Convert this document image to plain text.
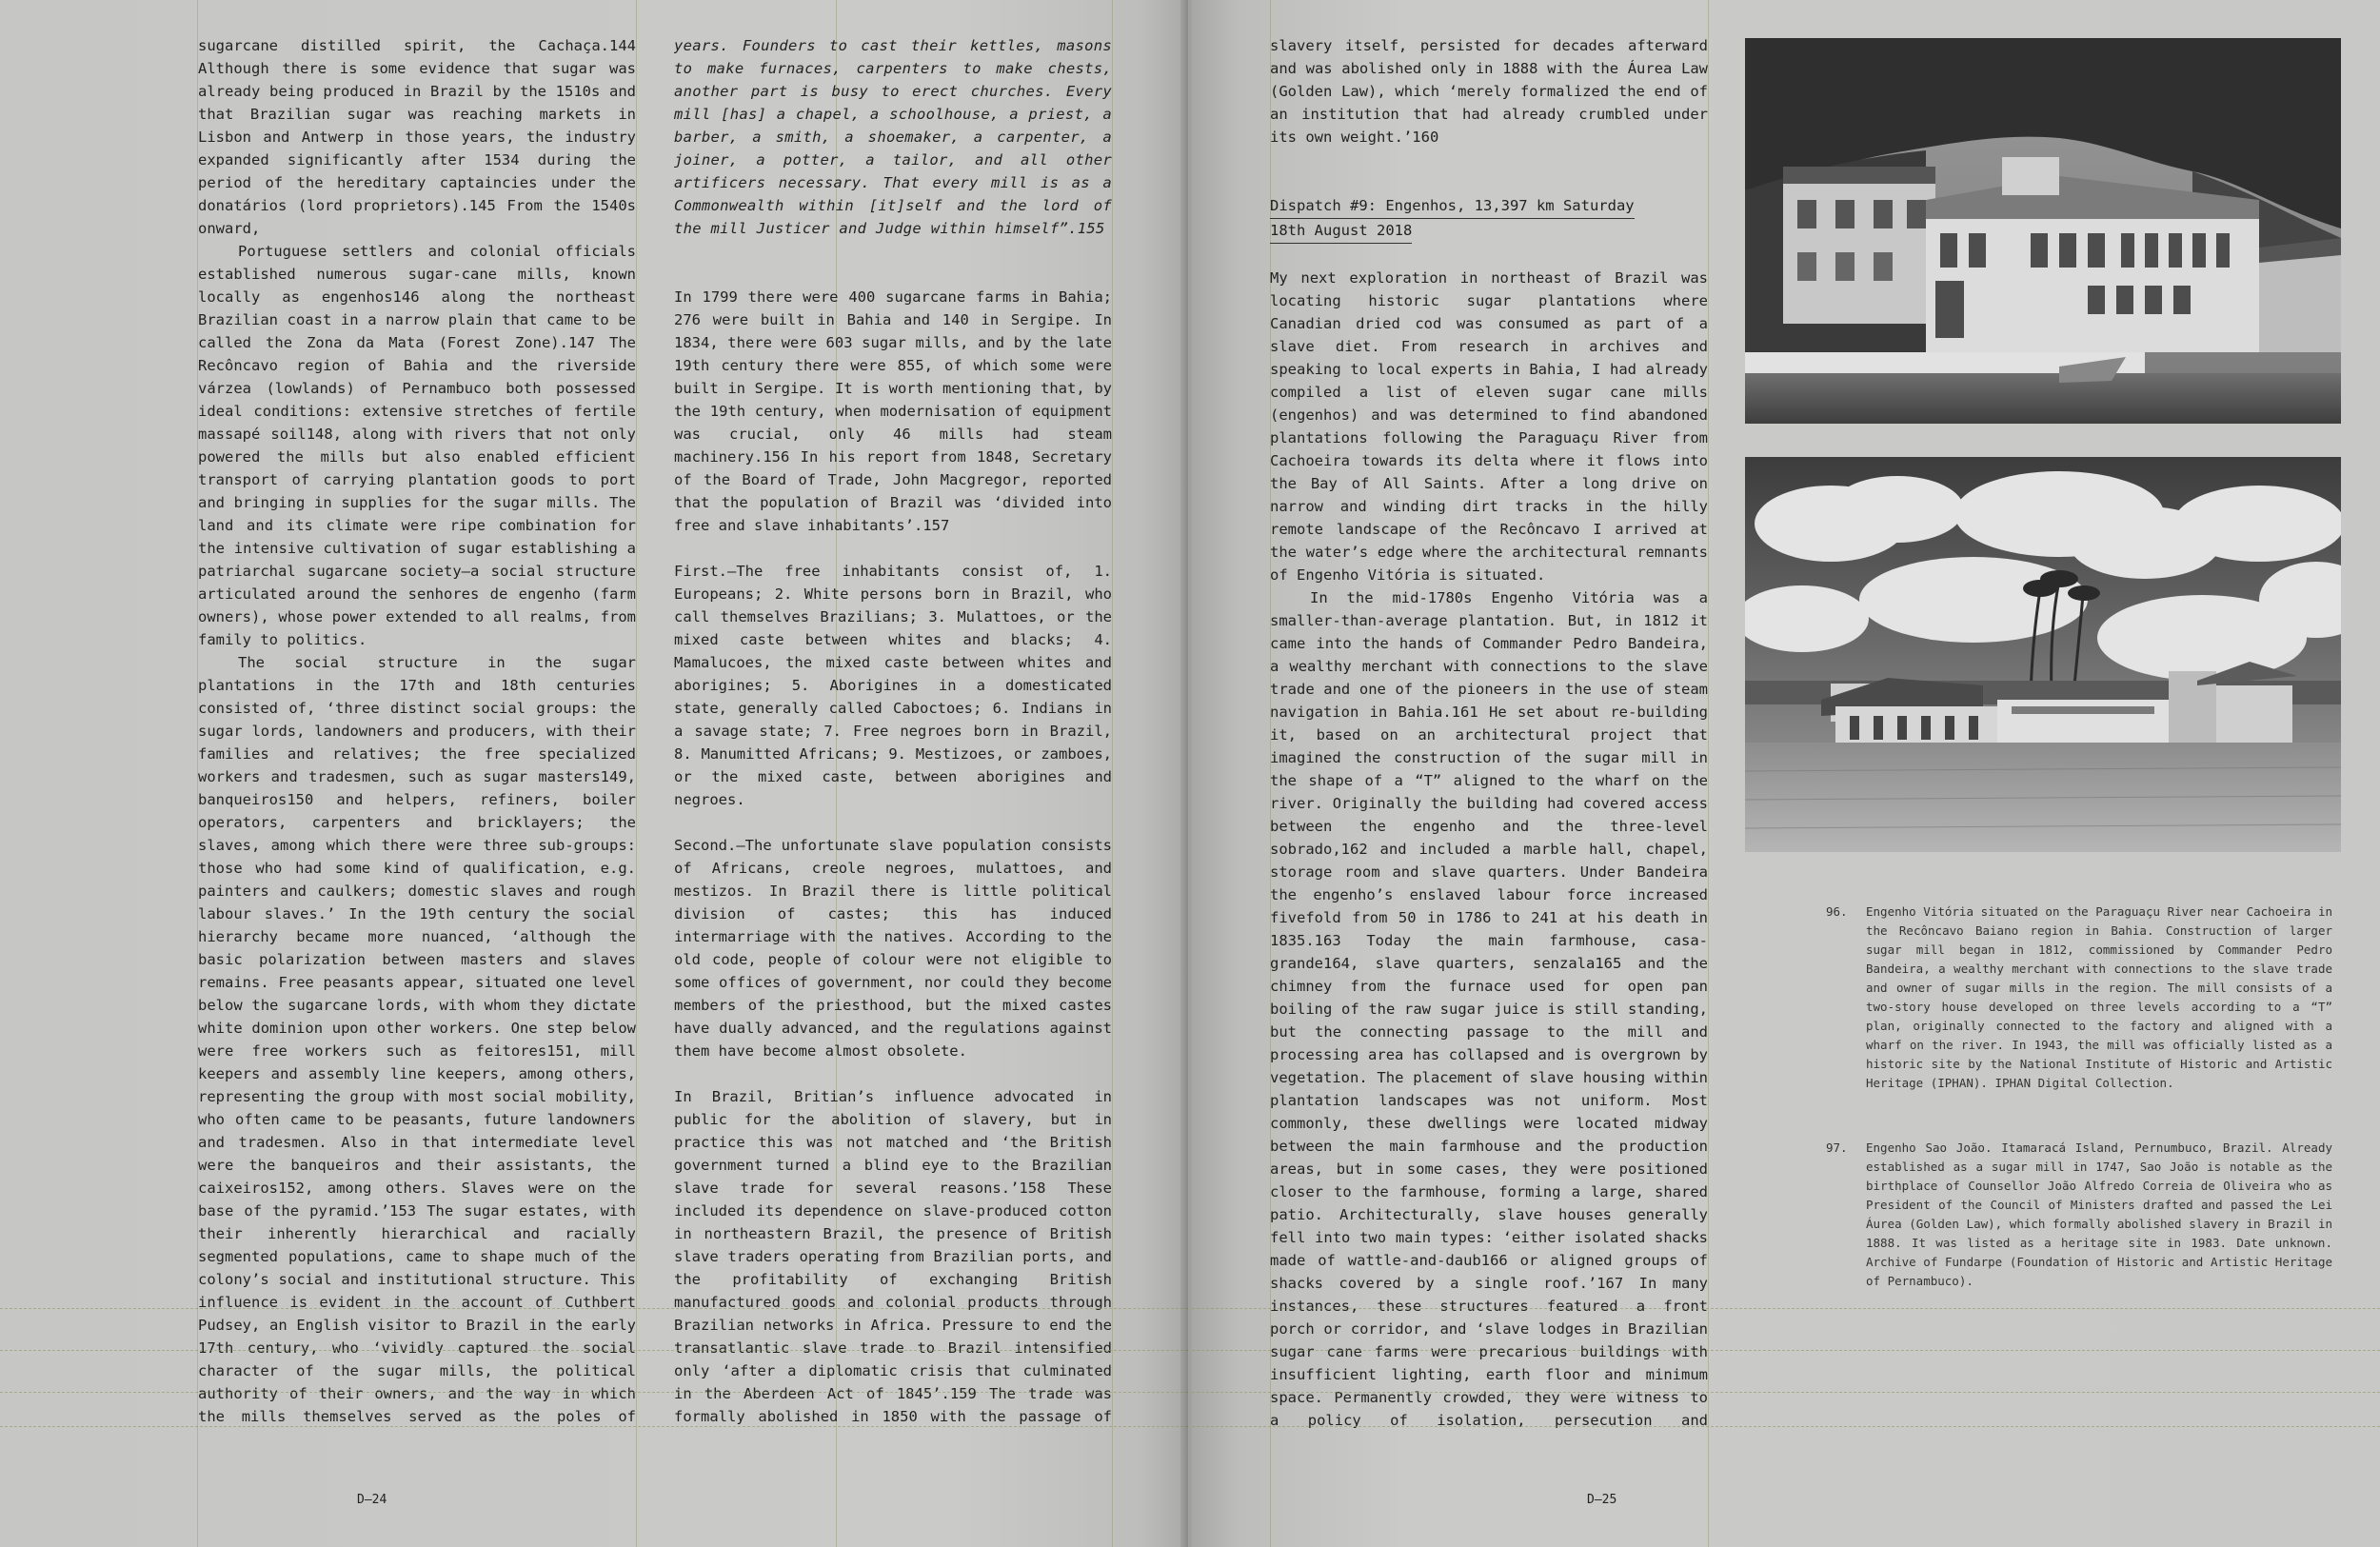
sugarcane distilled spirit, the Cachaça.144 Although there is some evidence that sugar was already being produced in Brazil by the 1510s and that Brazilian sugar was reaching markets in Lisbon and Antwerp in those years, the industry expanded significantly after 1534 during the period of the hereditary captaincies under the donatários (lord proprietors).145 From the 1540s onward,

Portuguese settlers and colonial officials established numerous sugar-cane mills, known locally as engenhos146 along the northeast Brazilian coast in a narrow plain that came to be called the Zona da Mata (Forest Zone).147 The Recôncavo region of Bahia and the riverside várzea (lowlands) of Pernambuco both possessed ideal conditions: extensive stretches of fertile massapé soil148, along with rivers that not only powered the mills but also enabled efficient transport of carrying plantation goods to port and bringing in supplies for the sugar mills. The land and its climate were ripe combination for the intensive cultivation of sugar establishing a patriarchal sugarcane society—a social structure articulated around the senhores de engenho (farm owners), whose power extended to all realms, from family to politics.

The social structure in the sugar plantations in the 17th and 18th centuries consisted of, ‘three distinct social groups: the sugar lords, landowners and producers, with their families and relatives; the free specialized workers and tradesmen, such as sugar masters149, banqueiros150 and helpers, refiners, boiler operators, carpenters and bricklayers; the slaves, among which there were three sub-groups: those who had some kind of qualification, e.g. painters and caulkers; domestic slaves and rough labour slaves.’ In the 19th century the social hierarchy became more nuanced, ‘although the basic polarization between masters and slaves remains. Free peasants appear, situated one level below the sugarcane lords, with whom they dictate white dominion upon other workers. One step below were free workers such as feitores151, mill keepers and assembly line keepers, among others, representing the group with most social mobility, who often came to be peasants, future landowners and tradesmen. Also in that intermediate level were the banqueiros and their assistants, the caixeiros152, among others. Slaves were on the base of the pyramid.’153 The sugar estates, with their inherently hierarchical and racially segmented populations, came to shape much of the colony’s social and institutional structure. This influence is evident in the account of Cuthbert Pudsey, an English visitor to Brazil in the early 17th century, who ‘vividly captured the social character of the sugar mills, the political authority of their owners, and the way in which the mills themselves served as the poles of

years. Founders to cast their kettles, masons to make furnaces, carpenters to make chests, another part is busy to erect churches. Every mill [has] a chapel, a schoolhouse, a priest, a barber, a smith, a shoemaker, a carpenter, a joiner, a potter, a tailor, and all other artificers necessary. That every mill is as a Commonwealth within [it]self and the lord of the mill Justicer and Judge within himself”.155

In 1799 there were 400 sugarcane farms in Bahia; 276 were built in Bahia and 140 in Sergipe. In 1834, there were 603 sugar mills, and by the late 19th century there were 855, of which some were built in Sergipe. It is worth mentioning that, by the 19th century, when modernisation of equipment was crucial, only 46 mills had steam machinery.156 In his report from 1848, Secretary of the Board of Trade, John Macgregor, reported that the population of Brazil was ‘divided into free and slave inhabitants’.157

First.—The free inhabitants consist of, 1. Europeans; 2. White persons born in Brazil, who call themselves Brazilians; 3. Mulattoes, or the mixed caste between whites and blacks; 4. Mamalucoes, the mixed caste between whites and aborigines; 5. Aborigines in a domesticated state, generally called Caboctoes; 6. Indians in a savage state; 7. Free negroes born in Brazil, 8. Manumitted Africans; 9. Mestizoes, or zamboes, or the mixed caste, between aborigines and negroes.

Second.—The unfortunate slave population consists of Africans, creole negroes, mulattoes, and mestizos. In Brazil there is little political division of castes; this has induced intermarriage with the natives. According to the old code, people of colour were not eligible to some offices of government, nor could they become members of the priesthood, but the mixed castes have dually advanced, and the regulations against them have become almost obsolete.

In Brazil, Britian’s influence advocated in public for the abolition of slavery, but in practice this was not matched and ‘the British government turned a blind eye to the Brazilian slave trade for several reasons.’158 These included its dependence on slave-produced cotton in northeastern Brazil, the presence of British slave traders operating from Brazilian ports, and the profitability of exchanging British manufactured goods and colonial products through Brazilian networks in Africa. Pressure to end the transatlantic slave trade to Brazil intensified only ‘after a diplomatic crisis that culminated in the Aberdeen Act of 1845’.159 The trade was formally abolished in 1850 with the passage of

D–24

slavery itself, persisted for decades afterward and was abolished only in 1888 with the Áurea Law (Golden Law), which ‘merely formalized the end of an institution that had already crumbled under its own weight.’160

Dispatch #9: Engenhos, 13,397 km Saturday
18th August 2018

My next exploration in northeast of Brazil was locating historic sugar plantations where Canadian dried cod was consumed as part of a slave diet. From research in archives and speaking to local experts in Bahia, I had already compiled a list of eleven sugar cane mills (engenhos) and was determined to find abandoned plantations following the Paraguaçu River from Cachoeira towards its delta where it flows into the Bay of All Saints. After a long drive on narrow and winding dirt tracks in the hilly remote landscape of the Recôncavo I arrived at the water’s edge where the architectural remnants of Engenho Vitória is situated.

In the mid-1780s Engenho Vitória was a smaller-than-average plantation. But, in 1812 it came into the hands of Commander Pedro Bandeira, a wealthy merchant with connections to the slave trade and one of the pioneers in the use of steam navigation in Bahia.161 He set about re-building it, based on an architectural project that imagined the construction of the sugar mill in the shape of a “T” aligned to the wharf on the river. Originally the building had covered access between the engenho and the three-level sobrado,162 and included a marble hall, chapel, storage room and slave quarters. Under Bandeira the engenho’s enslaved labour force increased fivefold from 50 in 1786 to 241 at his death in 1835.163 Today the main farmhouse, casa-grande164, slave quarters, senzala165 and the chimney from the furnace used for open pan boiling of the raw sugar juice is still standing, but the connecting passage to the mill and processing area has collapsed and is overgrown by vegetation. The placement of slave housing within plantation landscapes was not uniform. Most commonly, these dwellings were located midway between the main farmhouse and the production areas, but in some cases, they were positioned closer to the farmhouse, forming a large, shared patio. Architecturally, slave houses generally fell into two main types: ‘either isolated shacks made of wattle-and-daub166 or aligned groups of shacks covered by a single roof.’167 In many instances, these structures featured a front porch or corridor, and ‘slave lodges in Brazilian sugar cane farms were precarious buildings with insufficient lighting, earth floor and minimum space. Permanently crowded, they were witness to a policy of isolation, persecution and

96. Engenho Vitória situated on the Paraguaçu River near Cachoeira in the Recôncavo Baiano region in Bahia. Construction of larger sugar mill began in 1812, commissioned by Commander Pedro Bandeira, a wealthy merchant with connections to the slave trade and owner of sugar mills in the region. The mill consists of a two-story house developed on three levels according to a “T” plan, originally connected to the factory and aligned with a wharf on the river. In 1943, the mill was officially listed as a historic site by the National Institute of Historic and Artistic Heritage (IPHAN). IPHAN Digital Collection.
97. Engenho Sao João. Itamaracá Island, Pernumbuco, Brazil. Already established as a sugar mill in 1747, Sao João is notable as the birthplace of Counsellor João Alfredo Correia de Oliveira who as President of the Council of Ministers drafted and passed the Lei Áurea (Golden Law), which formally abolished slavery in Brazil in 1888. It was listed as a heritage site in 1983. Date unknown. Archive of Fundarpe (Foundation of Historic and Artistic Heritage of Pernambuco).
D–25
